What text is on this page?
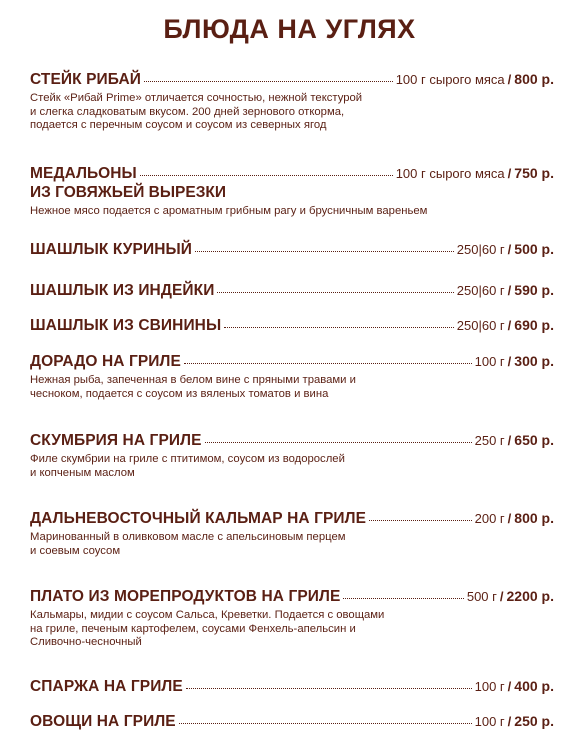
БЛЮДА НА УГЛЯХ
СТЕЙК РИБАЙ	100 г сырого мяса / 800 р.
Стейк «Рибай Prime» отличается сочностью, нежной текстурой
и слегка сладковатым вкусом. 200 дней зернового откорма,
подается с перечным соусом и соусом из северных ягод
МЕДАЛЬОНЫ	100 г сырого мяса / 750 р.
ИЗ ГОВЯЖЬЕЙ ВЫРЕЗКИ
Нежное мясо подается с ароматным грибным рагу и брусничным вареньем
ШАШЛЫК КУРИНЫЙ	250|60 г / 500 р.
ШАШЛЫК ИЗ ИНДЕЙКИ	250|60 г / 590 р.
ШАШЛЫК ИЗ СВИНИНЫ	250|60 г / 690 р.
ДОРАДО НА ГРИЛЕ	100 г / 300 р.
Нежная рыба, запеченная в белом вине с пряными травами и
чесноком, подается с соусом из вяленых томатов и вина
СКУМБРИЯ НА ГРИЛЕ	250 г / 650 р.
Филе скумбрии на гриле с птитимом, соусом из водорослей
и копченым маслом
ДАЛЬНЕВОСТОЧНЫЙ КАЛЬМАР НА ГРИЛЕ	200 г / 800 р.
Маринованный в оливковом масле с апельсиновым перцем
и соевым соусом
ПЛАТО ИЗ МОРЕПРОДУКТОВ НА ГРИЛЕ	500 г / 2200 р.
Кальмары, мидии с соусом Сальса, Креветки. Подается с овощами
на гриле, печеным картофелем, соусами Фенхель-апельсин и
Сливочно-чесночный
СПАРЖА НА ГРИЛЕ	100 г / 400 р.
ОВОЩИ НА ГРИЛЕ	100 г / 250 р.
